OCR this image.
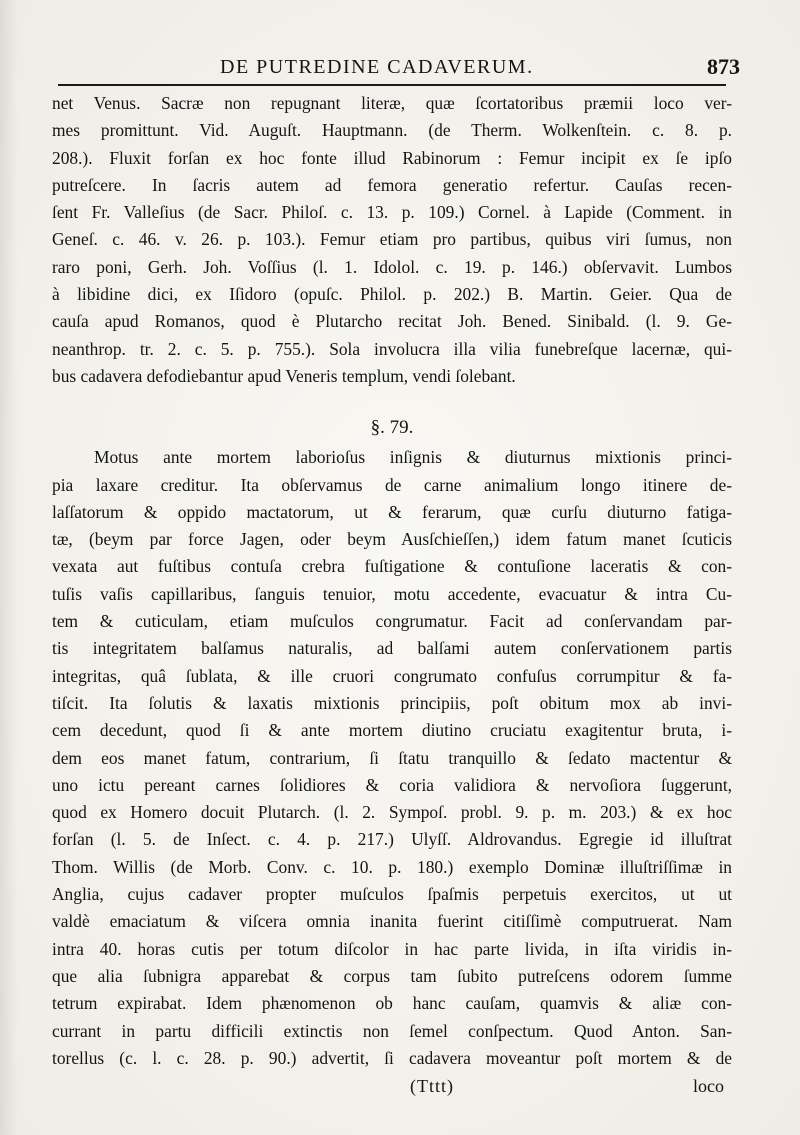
DE PUTREDINE CADAVERUM.	873
net Venus. Sacræ non repugnant literæ, quæ ſcortatoribus præmii loco ver-
mes promittunt. Vid. Auguſt. Hauptmann. (de Therm. Wolkenſtein. c. 8. p.
208.). Fluxit forſan ex hoc fonte illud Rabinorum : Femur incipit ex ſe ipſo
putreſcere. In ſacris autem ad femora generatio refertur. Cauſas recen-
ſent Fr. Valleſius (de Sacr. Philoſ. c. 13. p. 109.) Cornel. à Lapide (Comment. in
Geneſ. c. 46. v. 26. p. 103.). Femur etiam pro partibus, quibus viri ſumus, non
raro poni, Gerh. Joh. Voſſius (l. 1. Idolol. c. 19. p. 146.) obſervavit. Lumbos
à libidine dici, ex Iſidoro (opuſc. Philol. p. 202.) B. Martin. Geier. Qua de
cauſa apud Romanos, quod è Plutarcho recitat Joh. Bened. Sinibald. (l. 9. Ge-
neanthrop. tr. 2. c. 5. p. 755.). Sola involucra illa vilia funebreſque lacernæ, qui-
bus cadavera defodiebantur apud Veneris templum, vendi ſolebant.
§. 79.
Motus ante mortem laborioſus inſignis & diuturnus mixtionis princi-
pia laxare creditur. Ita obſervamus de carne animalium longo itinere de-
laſſatorum & oppido mactatorum, ut & ferarum, quæ curſu diuturno fatiga-
tæ, (beym par force Jagen, oder beym Ausſchieſſen,) idem fatum manet ſcuticis
vexata aut fuſtibus contuſa crebra fuſtigatione & contuſione laceratis & con-
tuſis vaſis capillaribus, ſanguis tenuior, motu accedente, evacuatur & intra Cu-
tem & cuticulam, etiam muſculos congrumatur. Facit ad conſervandam par-
tis integritatem balſamus naturalis, ad balſami autem conſervationem partis
integritas, quâ ſublata, & ille cruori congrumato confuſus corrumpitur & fa-
tiſcit. Ita ſolutis & laxatis mixtionis principiis, poſt obitum mox ab invi-
cem decedunt, quod ſi & ante mortem diutino cruciatu exagitentur bruta, i-
dem eos manet fatum, contrarium, ſi ſtatu tranquillo & ſedato mactentur &
uno ictu pereant carnes ſolidiores & coria validiora & nervoſiora ſuggerunt,
quod ex Homero docuit Plutarch. (l. 2. Sympoſ. probl. 9. p. m. 203.) & ex hoc
forſan (l. 5. de Inſect. c. 4. p. 217.) Ulyſſ. Aldrovandus. Egregie id illuſtrat
Thom. Willis (de Morb. Conv. c. 10. p. 180.) exemplo Dominæ illuſtriſſimæ in
Anglia, cujus cadaver propter muſculos ſpaſmis perpetuis exercitos, ut ut
valdè emaciatum & viſcera omnia inanita fuerint citiſſimè computruerat. Nam
intra 40. horas cutis per totum diſcolor in hac parte livida, in iſta viridis in-
que alia ſubnigra apparebat & corpus tam ſubito putreſcens odorem ſumme
tetrum expirabat. Idem phænomenon ob hanc cauſam, quamvis & aliæ con-
currant in partu difficili extinctis non ſemel conſpectum. Quod Anton. San-
torellus (c. l. c. 28. p. 90.) advertit, ſi cadavera moveantur poſt mortem & de
(Tttt)	loco
